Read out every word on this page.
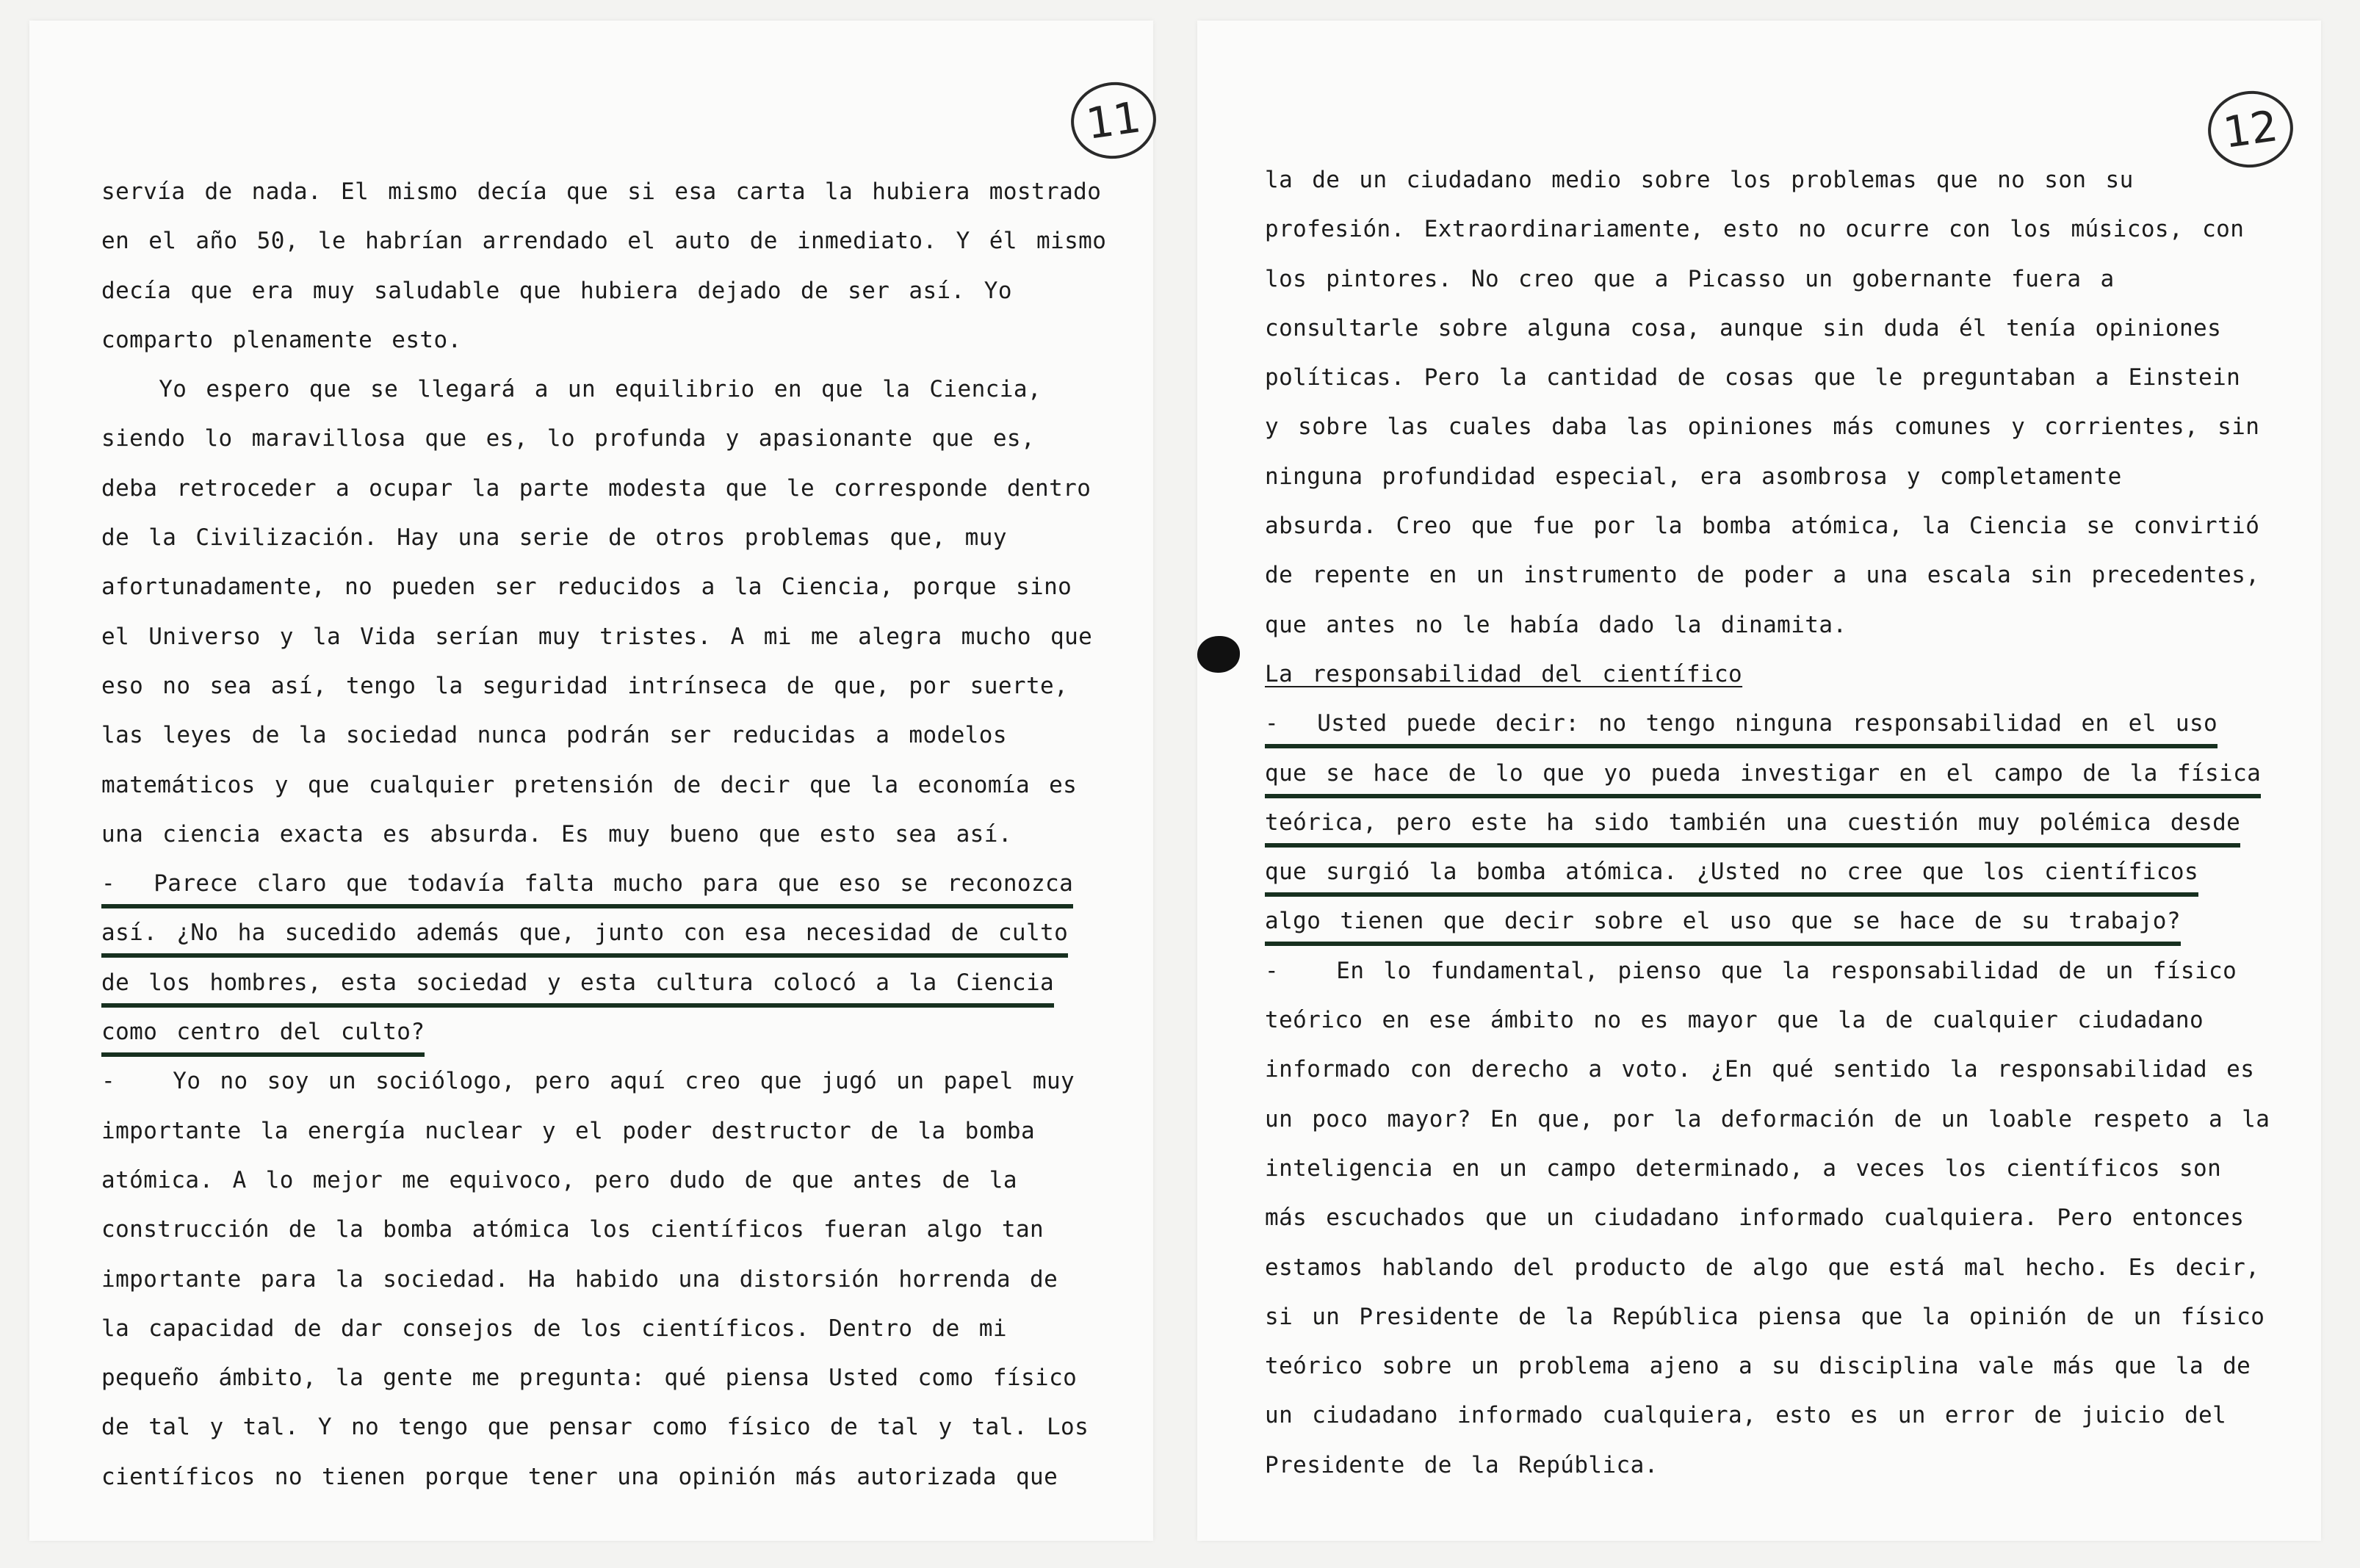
11
servía de nada. El mismo decía que si esa carta la hubiera mostrado
en el año 50, le habrían arrendado el auto de inmediato. Y él mismo
decía que era muy saludable que hubiera dejado de ser así. Yo
comparto plenamente esto.
Yo espero que se llegará a un equilibrio en que la Ciencia,
siendo lo maravillosa que es, lo profunda y apasionante que es,
deba retroceder a ocupar la parte modesta que le corresponde dentro
de la Civilización. Hay una serie de otros problemas que, muy
afortunadamente, no pueden ser reducidos a la Ciencia, porque sino
el Universo y la Vida serían muy tristes. A mi me alegra mucho que
eso no sea así, tengo la seguridad intrínseca de que, por suerte,
las leyes de la sociedad nunca podrán ser reducidas a modelos
matemáticos y que cualquier pretensión de decir que la economía es
una ciencia exacta es absurda. Es muy bueno que esto sea así.
-  Parece claro que todavía falta mucho para que eso se reconozca
así. ¿No ha sucedido además que, junto con esa necesidad de culto
de los hombres, esta sociedad y esta cultura colocó a la Ciencia
como centro del culto?
-   Yo no soy un sociólogo, pero aquí creo que jugó un papel muy
importante la energía nuclear y el poder destructor de la bomba
atómica. A lo mejor me equivoco, pero dudo de que antes de la
construcción de la bomba atómica los científicos fueran algo tan
importante para la sociedad. Ha habido una distorsión horrenda de
la capacidad de dar consejos de los científicos. Dentro de mi
pequeño ámbito, la gente me pregunta: qué piensa Usted como físico
de tal y tal. Y no tengo que pensar como físico de tal y tal. Los
científicos no tienen porque tener una opinión más autorizada que
12
la de un ciudadano medio sobre los problemas que no son su
profesión. Extraordinariamente, esto no ocurre con los músicos, con
los pintores. No creo que a Picasso un gobernante fuera a
consultarle sobre alguna cosa, aunque sin duda él tenía opiniones
políticas. Pero la cantidad de cosas que le preguntaban a Einstein
y sobre las cuales daba las opiniones más comunes y corrientes, sin
ninguna profundidad especial, era asombrosa y completamente
absurda. Creo que fue por la bomba atómica, la Ciencia se convirtió
de repente en un instrumento de poder a una escala sin precedentes,
que antes no le había dado la dinamita.
La responsabilidad del científico
-  Usted puede decir: no tengo ninguna responsabilidad en el uso
que se hace de lo que yo pueda investigar en el campo de la física
teórica, pero este ha sido también una cuestión muy polémica desde
que surgió la bomba atómica. ¿Usted no cree que los científicos
algo tienen que decir sobre el uso que se hace de su trabajo?
-   En lo fundamental, pienso que la responsabilidad de un físico
teórico en ese ámbito no es mayor que la de cualquier ciudadano
informado con derecho a voto. ¿En qué sentido la responsabilidad es
un poco mayor? En que, por la deformación de un loable respeto a la
inteligencia en un campo determinado, a veces los científicos son
más escuchados que un ciudadano informado cualquiera. Pero entonces
estamos hablando del producto de algo que está mal hecho. Es decir,
si un Presidente de la República piensa que la opinión de un físico
teórico sobre un problema ajeno a su disciplina vale más que la de
un ciudadano informado cualquiera, esto es un error de juicio del
Presidente de la República.
